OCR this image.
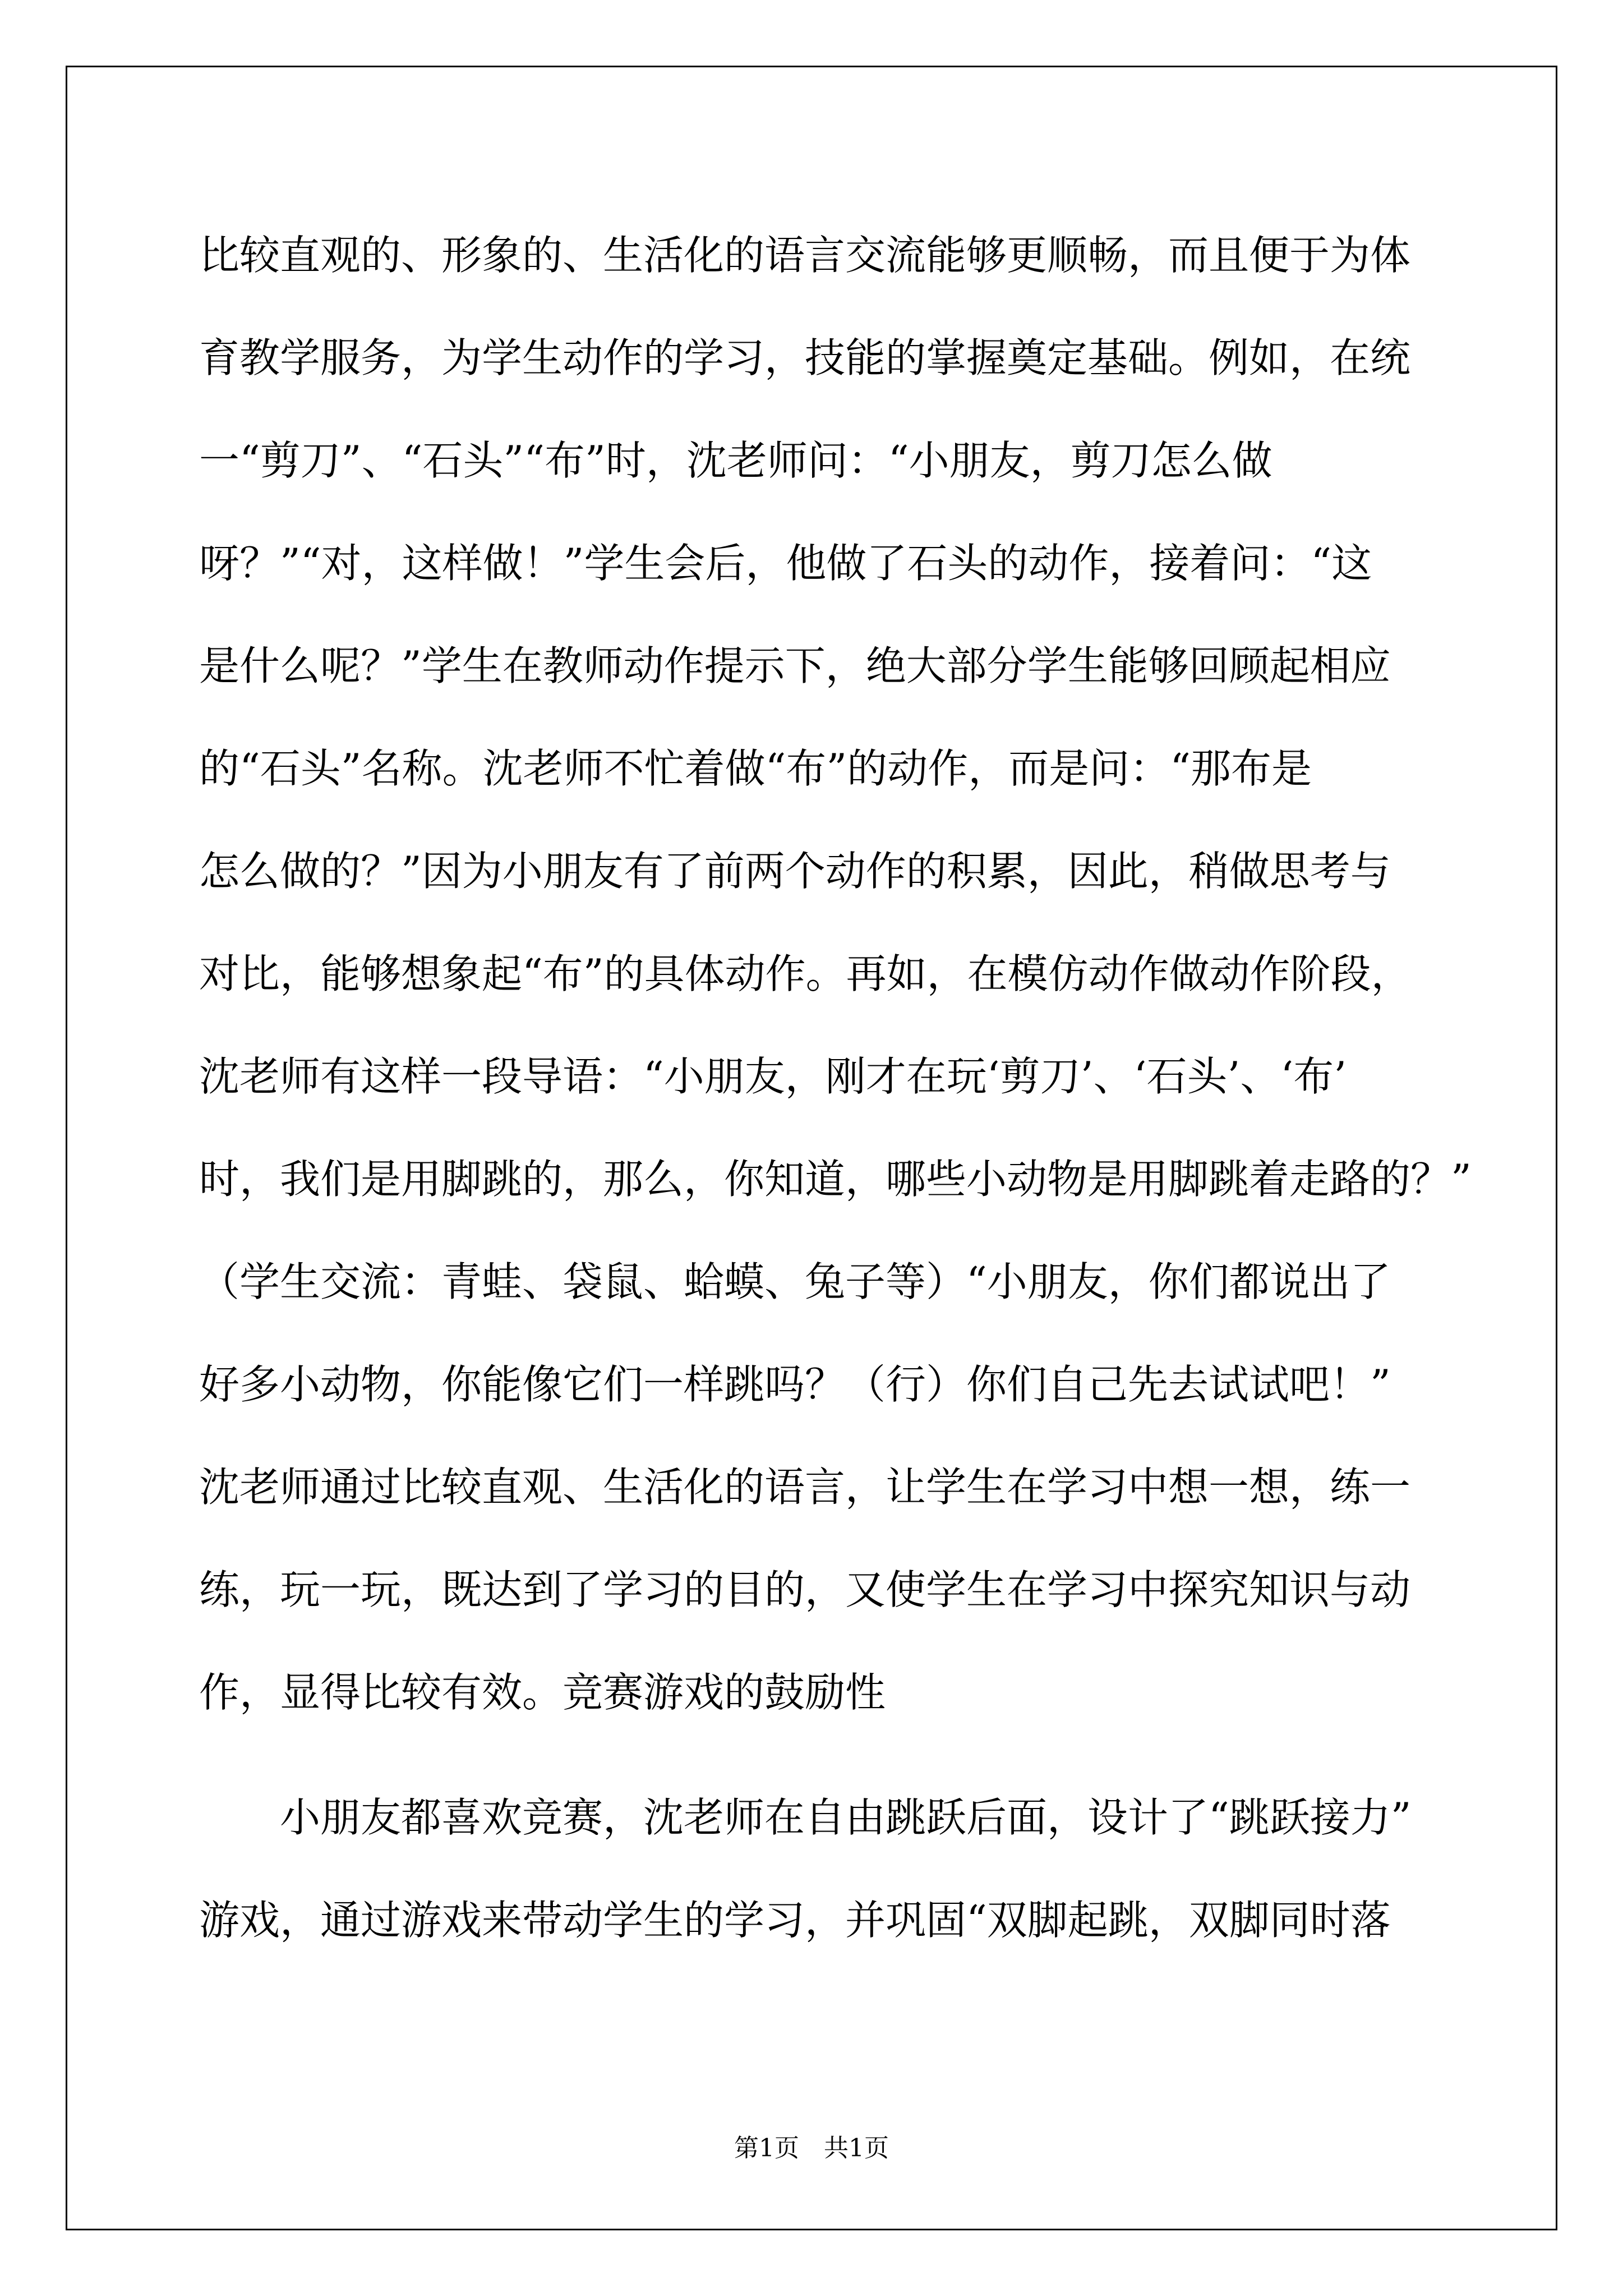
比较直观的、形象的、生活化的语言交流能够更顺畅，而且便于为体
育教学服务，为学生动作的学习，技能的掌握奠定基础。例如，在统
一“剪刀”、“石头”“布”时，沈老师问：“小朋友，剪刀怎么做
呀？”“对，这样做！”学生会后，他做了石头的动作，接着问：“这
是什么呢？”学生在教师动作提示下，绝大部分学生能够回顾起相应
的“石头”名称。沈老师不忙着做“布”的动作，而是问：“那布是
怎么做的？”因为小朋友有了前两个动作的积累，因此，稍做思考与
对比，能够想象起“布”的具体动作。再如，在模仿动作做动作阶段，
沈老师有这样一段导语：“小朋友，刚才在玩‘剪刀’、‘石头’、‘布’
时，我们是用脚跳的，那么，你知道，哪些小动物是用脚跳着走路的？”
（学生交流：青蛙、袋鼠、蛤蟆、兔子等）“小朋友，你们都说出了
好多小动物，你能像它们一样跳吗？（行）你们自己先去试试吧！”
沈老师通过比较直观、生活化的语言，让学生在学习中想一想，练一
练，玩一玩，既达到了学习的目的，又使学生在学习中探究知识与动
作，显得比较有效。竞赛游戏的鼓励性
小朋友都喜欢竞赛，沈老师在自由跳跃后面，设计了“跳跃接力”
游戏，通过游戏来带动学生的学习，并巩固“双脚起跳，双脚同时落
第1页　共1页
